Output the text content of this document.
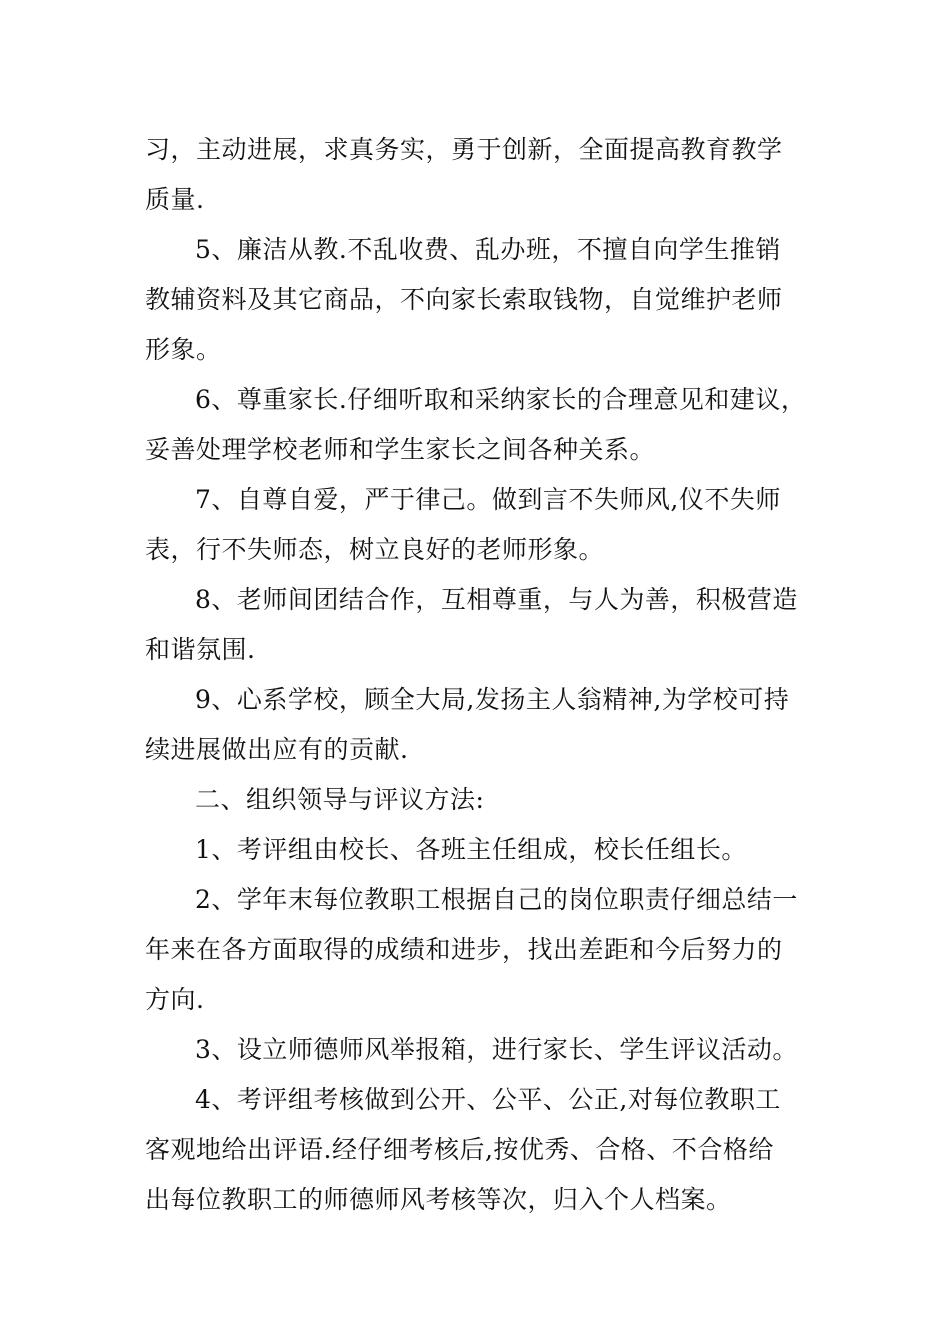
习，主动进展，求真务实，勇于创新，全面提高教育教学
质量.
5、廉洁从教.不乱收费、乱办班，不擅自向学生推销
教辅资料及其它商品，不向家长索取钱物，自觉维护老师
形象。
6、尊重家长.仔细听取和采纳家长的合理意见和建议，
妥善处理学校老师和学生家长之间各种关系。
7、自尊自爱，严于律己。做到言不失师风,仪不失师
表，行不失师态，树立良好的老师形象。
8、老师间团结合作，互相尊重，与人为善，积极营造
和谐氛围.
9、心系学校，顾全大局,发扬主人翁精神,为学校可持
续进展做出应有的贡献.
二、组织领导与评议方法:
1、考评组由校长、各班主任组成，校长任组长。
2、学年末每位教职工根据自己的岗位职责仔细总结一
年来在各方面取得的成绩和进步，找出差距和今后努力的
方向.
3、设立师德师风举报箱，进行家长、学生评议活动。
4、考评组考核做到公开、公平、公正,对每位教职工
客观地给出评语.经仔细考核后,按优秀、合格、不合格给
出每位教职工的师德师风考核等次，归入个人档案。
